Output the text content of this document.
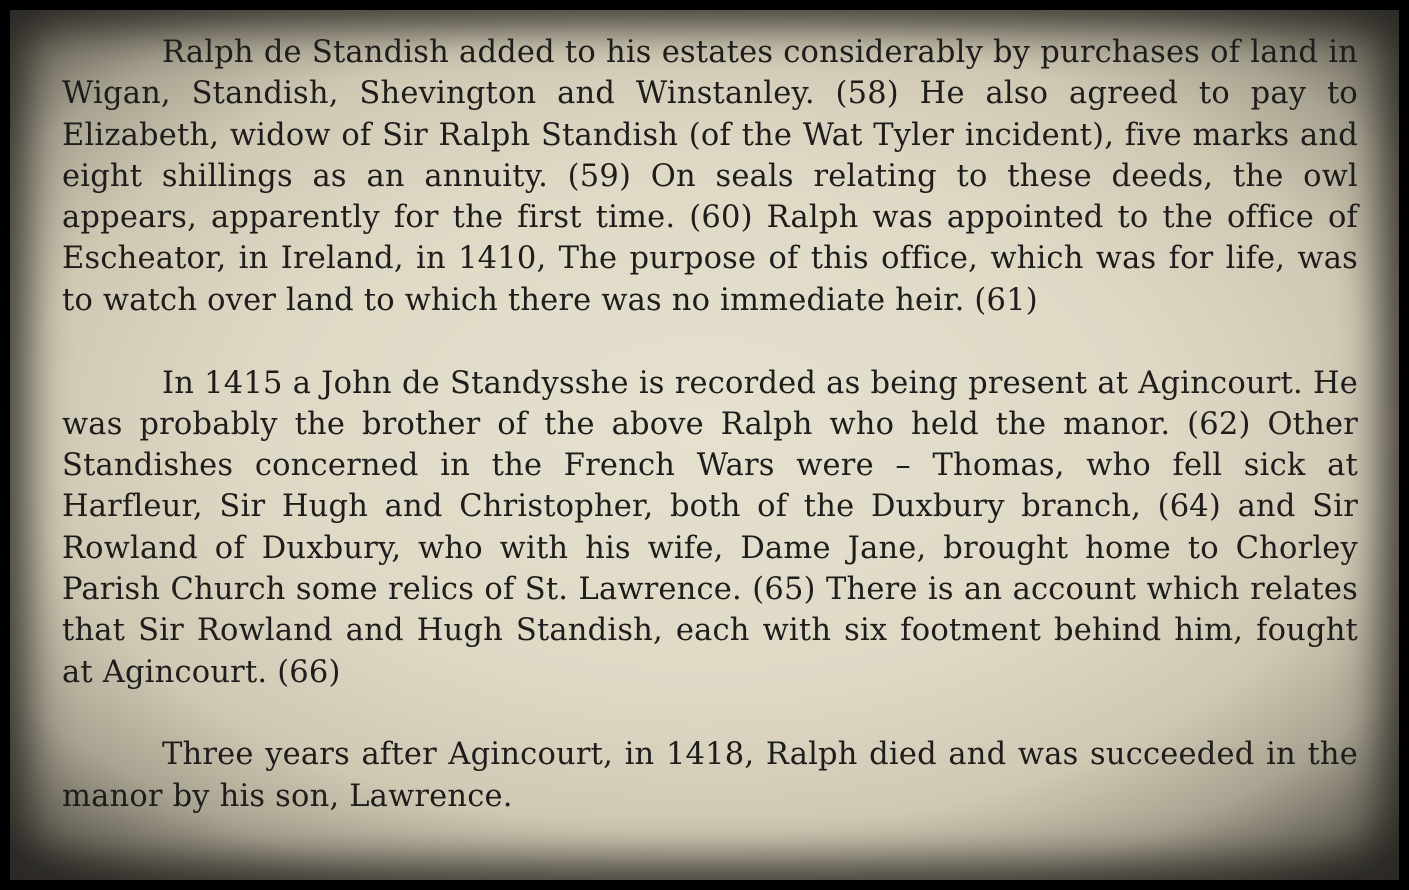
Ralph de Standish added to his estates considerably by purchases of land in Wigan, Standish, Shevington and Winstanley. (58) He also agreed to pay to Elizabeth, widow of Sir Ralph Standish (of the Wat Tyler incident), five marks and eight shillings as an annuity. (59) On seals relating to these deeds, the owl appears, apparently for the first time. (60) Ralph was appointed to the office of Escheator, in Ireland, in 1410, The purpose of this office, which was for life, was to watch over land to which there was no immediate heir. (61)

In 1415 a John de Standysshe is recorded as being present at Agincourt. He was probably the brother of the above Ralph who held the manor. (62) Other Standishes concerned in the French Wars were – Thomas, who fell sick at Harfleur, Sir Hugh and Christopher, both of the Duxbury branch, (64) and Sir Rowland of Duxbury, who with his wife, Dame Jane, brought home to Chorley Parish Church some relics of St. Lawrence. (65) There is an account which relates that Sir Rowland and Hugh Standish, each with six footment behind him, fought at Agincourt. (66)

Three years after Agincourt, in 1418, Ralph died and was succeeded in the manor by his son, Lawrence.
